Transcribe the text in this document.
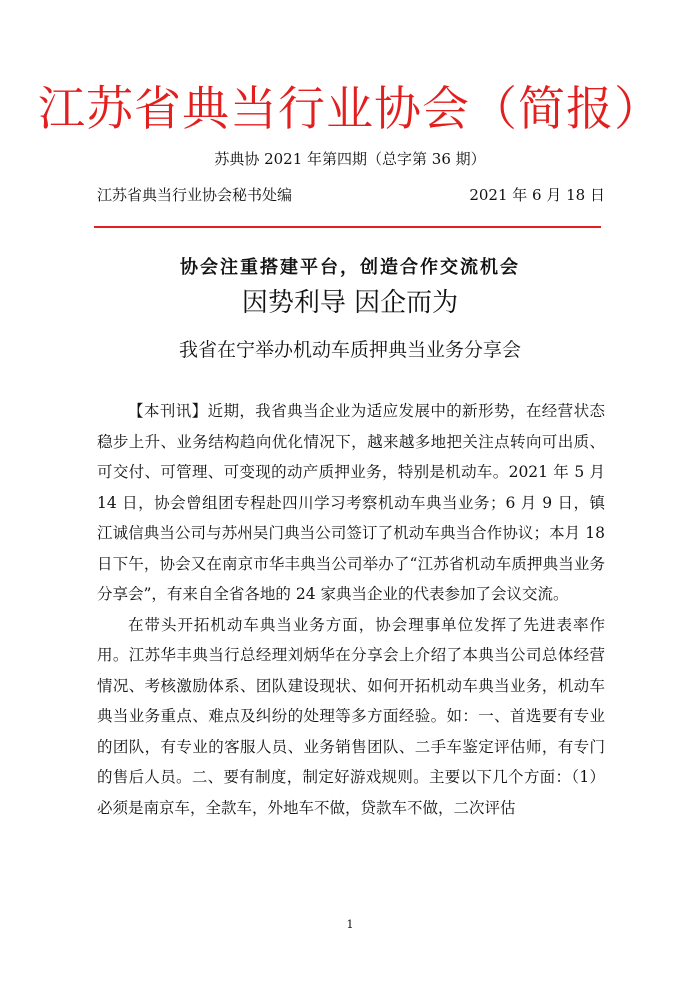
江苏省典当行业协会（简报）
苏典协 2021 年第四期（总字第 36 期）
江苏省典当行业协会秘书处编	2021 年 6 月 18 日
协会注重搭建平台，创造合作交流机会
因势利导 因企而为
我省在宁举办机动车质押典当业务分享会

【本刊讯】近期，我省典当企业为适应发展中的新形势，在经营状态稳步上升、业务结构趋向优化情况下，越来越多地把关注点转向可出质、可交付、可管理、可变现的动产质押业务，特别是机动车。2021 年 5 月 14 日，协会曾组团专程赴四川学习考察机动车典当业务；6 月 9 日，镇江诚信典当公司与苏州吴门典当公司签订了机动车典当合作协议；本月 18 日下午，协会又在南京市华丰典当公司举办了“江苏省机动车质押典当业务分享会”，有来自全省各地的 24 家典当企业的代表参加了会议交流。

在带头开拓机动车典当业务方面，协会理事单位发挥了先进表率作用。江苏华丰典当行总经理刘炳华在分享会上介绍了本典当公司总体经营情况、考核激励体系、团队建设现状、如何开拓机动车典当业务，机动车典当业务重点、难点及纠纷的处理等多方面经验。如：一、首选要有专业的团队，有专业的客服人员、业务销售团队、二手车鉴定评估师，有专门的售后人员。二、要有制度，制定好游戏规则。主要以下几个方面：（1）必须是南京车，全款车，外地车不做，贷款车不做，二次评估

1
